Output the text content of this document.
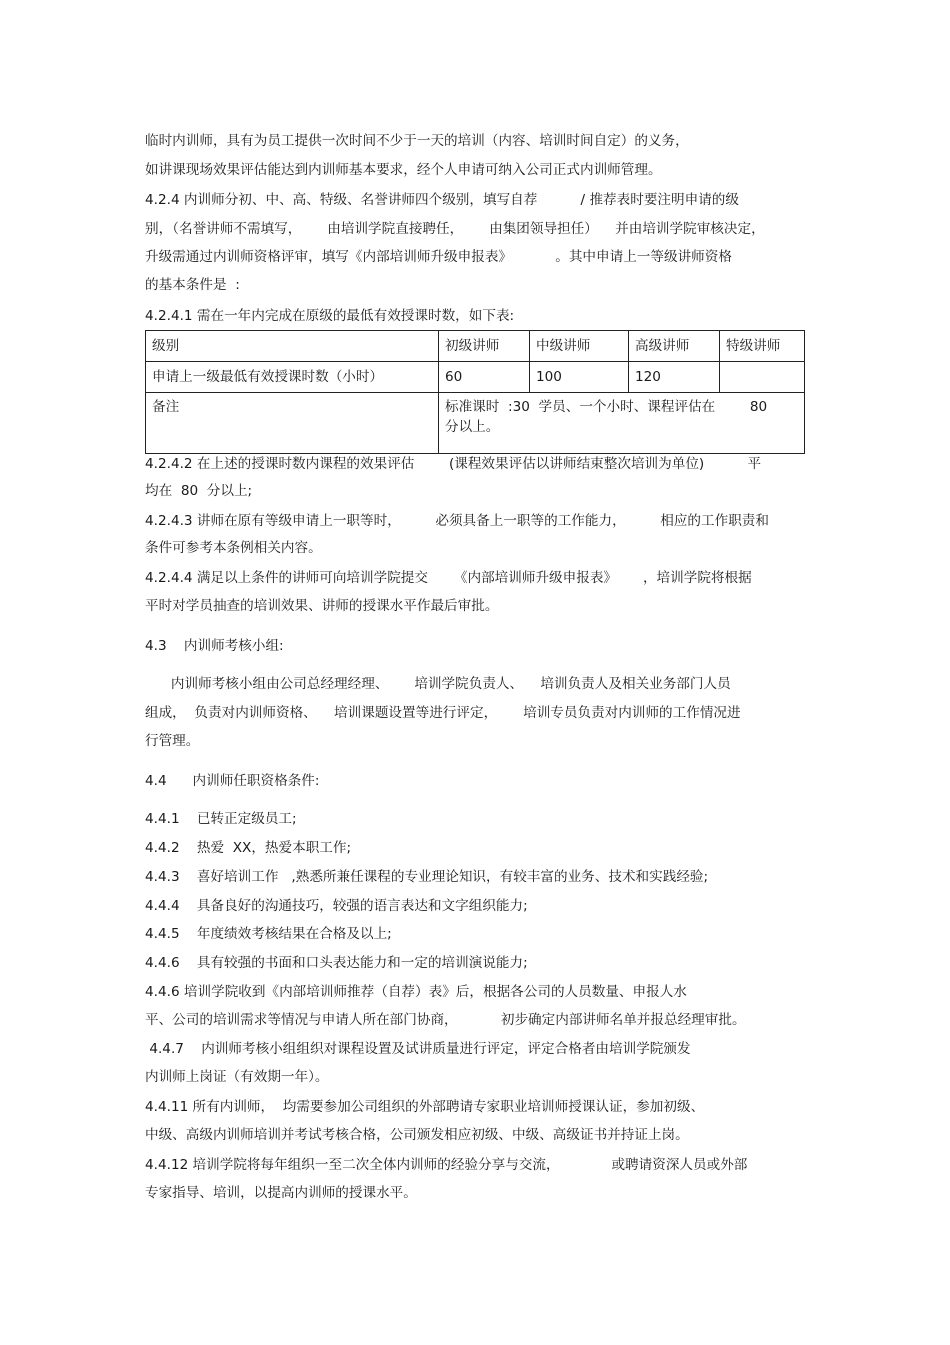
临时内训师，具有为员工提供一次时间不少于一天的培训（内容、培训时间自定）的义务，
如讲课现场效果评估能达到内训师基本要求，经个人申请可纳入公司正式内训师管理。
4.2.4 内训师分初、中、高、特级、名誉讲师四个级别，填写自荐          / 推荐表时要注明申请的级
别，（名誉讲师不需填写，      由培训学院直接聘任，      由集团领导担任）    并由培训学院审核决定，
升级需通过内训师资格评审，填写《内部培训师升级申报表》          。其中申请上一等级讲师资格
的基本条件是  :
4.2.4.1 需在一年内完成在原级的最低有效授课时数，如下表:
级别	初级讲师	中级讲师	高级讲师	特级讲师
申请上一级最低有效授课时数（小时）	60	100	120	
备注	标准课时  :30  学员、一个小时、课程评估在        80
分以上。			
4.2.4.2 在上述的授课时数内课程的效果评估        (课程效果评估以讲师结束整次培训为单位)          平
均在  80  分以上;
4.2.4.3 讲师在原有等级申请上一职等时，        必须具备上一职等的工作能力，        相应的工作职责和
条件可参考本条例相关内容。
4.2.4.4 满足以上条件的讲师可向培训学院提交      《内部培训师升级申报表》      ，培训学院将根据
平时对学员抽查的培训效果、讲师的授课水平作最后审批。
4.3    内训师考核小组:
内训师考核小组由公司总经理经理、      培训学院负责人、    培训负责人及相关业务部门人员
组成，  负责对内训师资格、    培训课题设置等进行评定，      培训专员负责对内训师的工作情况进
行管理。
4.4      内训师任职资格条件:
4.4.1    已转正定级员工;
4.4.2    热爱  XX，热爱本职工作;
4.4.3    喜好培训工作   ,熟悉所兼任课程的专业理论知识，有较丰富的业务、技术和实践经验;
4.4.4    具备良好的沟通技巧，较强的语言表达和文字组织能力;
4.4.5    年度绩效考核结果在合格及以上;
4.4.6    具有较强的书面和口头表达能力和一定的培训演说能力;
4.4.6 培训学院收到《内部培训师推荐（自荐）表》后，根据各公司的人员数量、申报人水
平、公司的培训需求等情况与申请人所在部门协商，          初步确定内部讲师名单并报总经理审批。
4.4.7    内训师考核小组组织对课程设置及试讲质量进行评定，评定合格者由培训学院颁发
内训师上岗证（有效期一年）。
4.4.11 所有内训师，  均需要参加公司组织的外部聘请专家职业培训师授课认证，参加初级、
中级、高级内训师培训并考试考核合格，公司颁发相应初级、中级、高级证书并持证上岗。
4.4.12 培训学院将每年组织一至二次全体内训师的经验分享与交流，            或聘请资深人员或外部
专家指导、培训，以提高内训师的授课水平。
